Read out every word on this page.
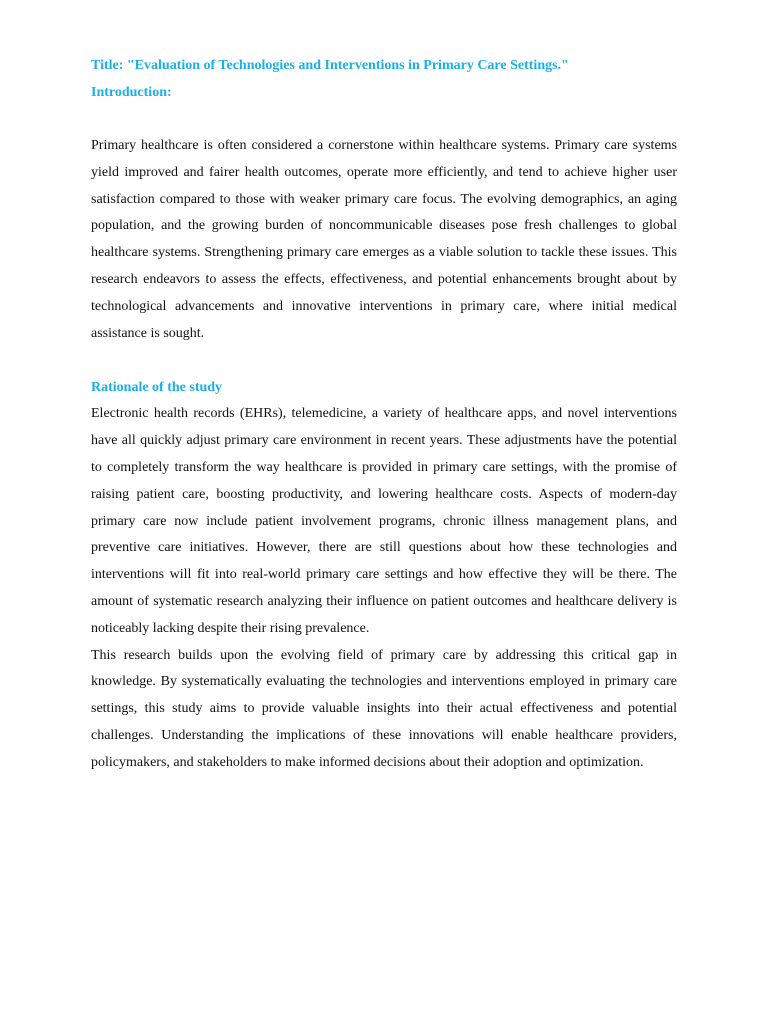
Title: "Evaluation of Technologies and Interventions in Primary Care Settings."

Introduction:

Primary healthcare is often considered a cornerstone within healthcare systems. Primary care systems yield improved and fairer health outcomes, operate more efficiently, and tend to achieve higher user satisfaction compared to those with weaker primary care focus. The evolving demographics, an aging population, and the growing burden of noncommunicable diseases pose fresh challenges to global healthcare systems. Strengthening primary care emerges as a viable solution to tackle these issues. This research endeavors to assess the effects, effectiveness, and potential enhancements brought about by technological advancements and innovative interventions in primary care, where initial medical assistance is sought.

Rationale of the study

Electronic health records (EHRs), telemedicine, a variety of healthcare apps, and novel interventions have all quickly adjust primary care environment in recent years. These adjustments have the potential to completely transform the way healthcare is provided in primary care settings, with the promise of raising patient care, boosting productivity, and lowering healthcare costs. Aspects of modern-day primary care now include patient involvement programs, chronic illness management plans, and preventive care initiatives. However, there are still questions about how these technologies and interventions will fit into real-world primary care settings and how effective they will be there. The amount of systematic research analyzing their influence on patient outcomes and healthcare delivery is noticeably lacking despite their rising prevalence.

This research builds upon the evolving field of primary care by addressing this critical gap in knowledge. By systematically evaluating the technologies and interventions employed in primary care settings, this study aims to provide valuable insights into their actual effectiveness and potential challenges. Understanding the implications of these innovations will enable healthcare providers, policymakers, and stakeholders to make informed decisions about their adoption and optimization.
